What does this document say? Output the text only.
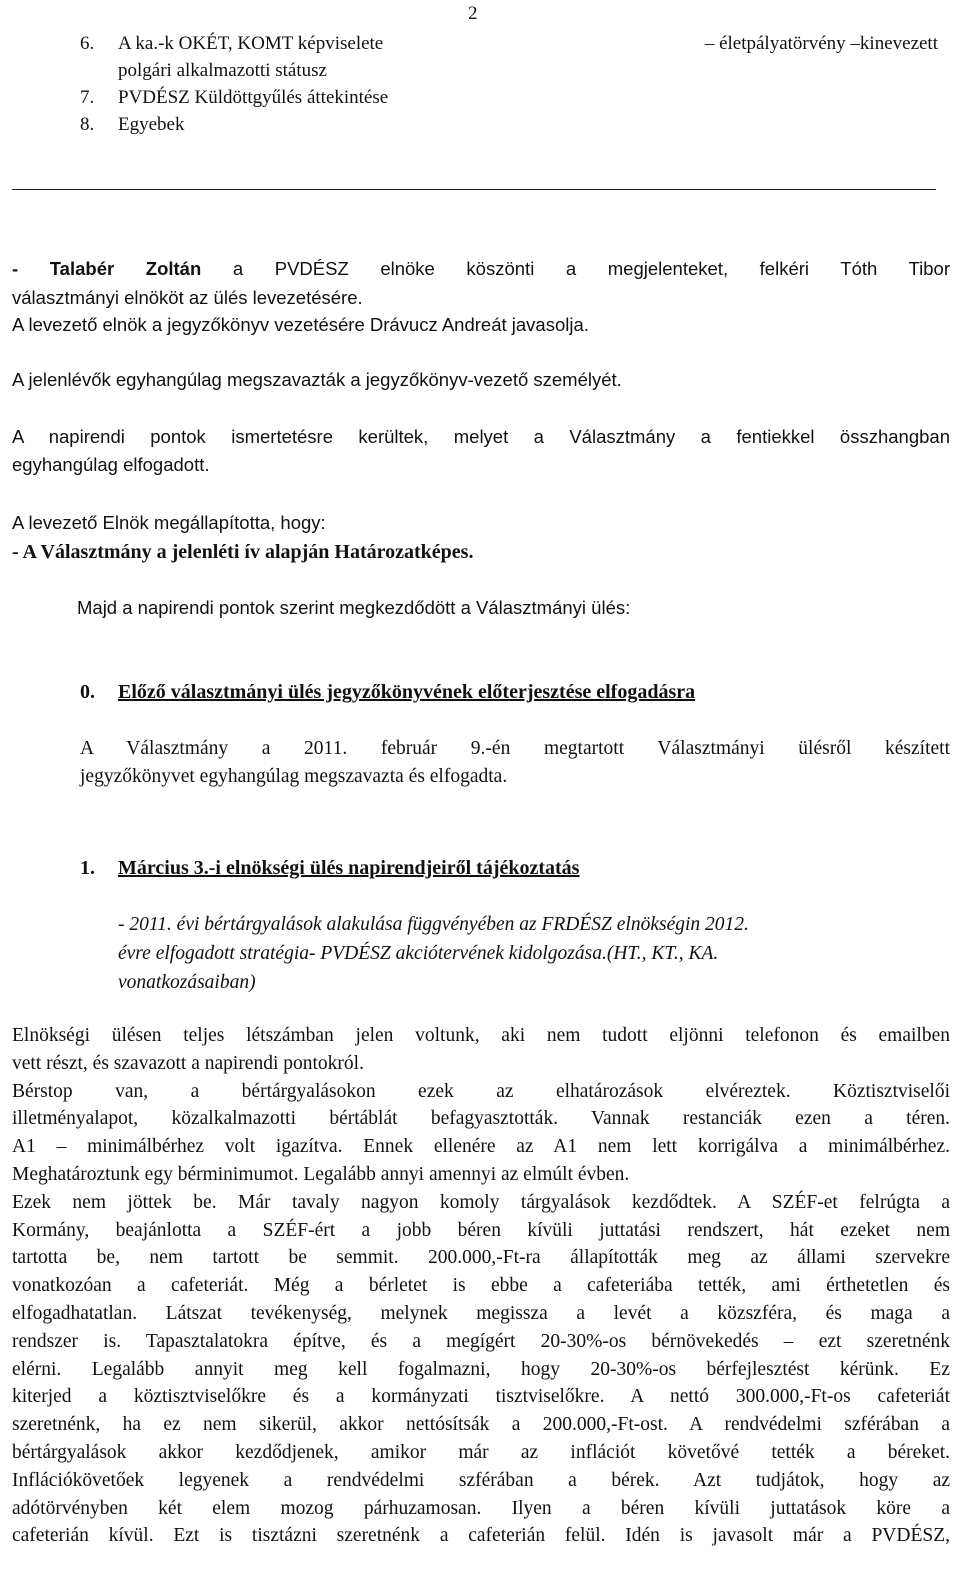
2
6. A ka.-k OKÉT, KOMT képviselete	– életpályatörvény –kinevezett
polgári alkalmazotti státusz
7. PVDÉSZ Küldöttgyűlés áttekintése
8. Egyebek

- Talabér Zoltán a PVDÉSZ elnöke köszönti a megjelenteket, felkéri Tóth Tibor

választmányi elnököt az ülés levezetésére.

A levezető elnök a jegyzőkönyv vezetésére Drávucz Andreát javasolja.

A jelenlévők egyhangúlag megszavazták a jegyzőkönyv-vezető személyét.

A napirendi pontok ismertetésre kerültek, melyet a Választmány a fentiekkel összhangban

egyhangúlag elfogadott.

A levezető Elnök megállapította, hogy:

- A Választmány a jelenléti ív alapján Határozatképes.

Majd a napirendi pontok szerint megkezdődött a Választmányi ülés:

0. Előző választmányi ülés jegyzőkönyvének előterjesztése elfogadásra

A Választmány a 2011. február 9.-én megtartott Választmányi ülésről készített

jegyzőkönyvet egyhangúlag megszavazta és elfogadta.

1. Március 3.-i elnökségi ülés napirendjeiről tájékoztatás
- 2011. évi bértárgyalások alakulása függvényében az FRDÉSZ elnökségin 2012.
évre elfogadott stratégia- PVDÉSZ akciótervének kidolgozása.(HT., KT., KA.
vonatkozásaiban)
Elnökségi ülésen teljes létszámban jelen voltunk, aki nem tudott eljönni telefonon és emailben
vett részt, és szavazott a napirendi pontokról.
Bérstop van, a bértárgyalásokon ezek az elhatározások elvéreztek. Köztisztviselői
illetményalapot, közalkalmazotti bértáblát befagyasztották. Vannak restanciák ezen a téren.
A1 – minimálbérhez volt igazítva. Ennek ellenére az A1 nem lett korrigálva a minimálbérhez.
Meghatároztunk egy bérminimumot. Legalább annyi amennyi az elmúlt évben.
Ezek nem jöttek be. Már tavaly nagyon komoly tárgyalások kezdődtek. A SZÉF-et felrúgta a
Kormány, beajánlotta a SZÉF-ért a jobb béren kívüli juttatási rendszert, hát ezeket nem
tartotta be, nem tartott be semmit. 200.000,-Ft-ra állapították meg az állami szervekre
vonatkozóan a cafeteriát. Még a bérletet is ebbe a cafeteriába tették, ami érthetetlen és
elfogadhatatlan. Látszat tevékenység, melynek megissza a levét a közszféra, és maga a
rendszer is. Tapasztalatokra építve, és a megígért 20-30%-os bérnövekedés – ezt szeretnénk
elérni. Legalább annyit meg kell fogalmazni, hogy 20-30%-os bérfejlesztést kérünk. Ez
kiterjed a köztisztviselőkre és a kormányzati tisztviselőkre. A nettó 300.000,-Ft-os cafeteriát
szeretnénk, ha ez nem sikerül, akkor nettósítsák a 200.000,-Ft-ost. A rendvédelmi szférában a
bértárgyalások akkor kezdődjenek, amikor már az inflációt követővé tették a béreket.
Inflációkövetőek legyenek a rendvédelmi szférában a bérek. Azt tudjátok, hogy az
adótörvényben két elem mozog párhuzamosan. Ilyen a béren kívüli juttatások köre a
cafeterián kívül. Ezt is tisztázni szeretnénk a cafeterián felül. Idén is javasolt már a PVDÉSZ,
